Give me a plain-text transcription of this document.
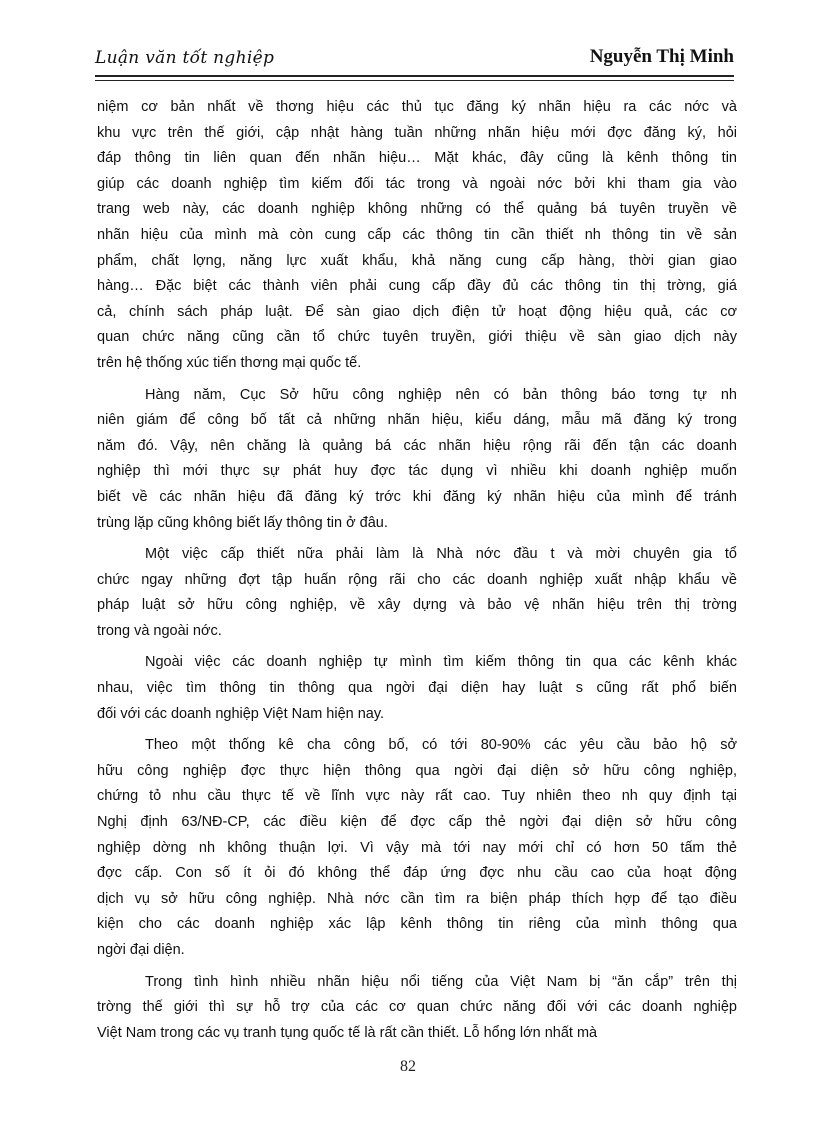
Luận văn tốt nghiệp	Nguyễn Thị Minh
niệm cơ bản nhất về thơng hiệu các thủ tục đăng ký nhãn hiệu ra các nớc và
khu vực trên thế giới, cập nhật hàng tuần những nhãn hiệu mới đợc đăng ký, hỏi
đáp thông tin liên quan đến nhãn hiệu… Mặt khác, đây cũng là kênh thông tin
giúp các doanh nghiệp tìm kiếm đối tác trong và ngoài nớc bởi khi tham gia vào
trang web này, các doanh nghiệp không những có thể quảng bá tuyên truyền về
nhãn hiệu của mình mà còn cung cấp các thông tin cần thiết nh thông tin về sản
phẩm, chất lợng, năng lực xuất khẩu, khả năng cung cấp hàng, thời gian giao
hàng… Đặc biệt các thành viên phải cung cấp đầy đủ các thông tin thị trờng, giá
cả, chính sách pháp luật. Để sàn giao dịch điện tử hoạt động hiệu quả, các cơ
quan chức năng cũng cần tổ chức tuyên truyền, giới thiệu về sàn giao dịch này
trên hệ thống xúc tiến thơng mại quốc tế.
Hàng năm, Cục Sở hữu công nghiệp nên có bản thông báo tơng tự nh
niên giám để công bố tất cả những nhãn hiệu, kiểu dáng, mẫu mã đăng ký trong
năm đó. Vậy, nên chăng là quảng bá các nhãn hiệu rộng rãi đến tận các doanh
nghiệp thì mới thực sự phát huy đợc tác dụng vì nhiều khi doanh nghiệp muốn
biết về các nhãn hiệu đã đăng ký trớc khi đăng ký nhãn hiệu của mình để tránh
trùng lặp cũng không biết lấy thông tin ở đâu.
Một việc cấp thiết nữa phải làm là Nhà nớc đầu t và mời chuyên gia tổ
chức ngay những đợt tập huấn rộng rãi cho các doanh nghiệp xuất nhập khẩu về
pháp luật sở hữu công nghiệp, về xây dựng và bảo vệ nhãn hiệu trên thị trờng
trong và ngoài nớc.
Ngoài việc các doanh nghiệp tự mình tìm kiếm thông tin qua các kênh khác
nhau, việc tìm thông tin thông qua ngời đại diện hay luật s cũng rất phổ biến
đối với các doanh nghiệp Việt Nam hiện nay.
Theo một thống kê cha công bố, có tới 80-90% các yêu cầu bảo hộ sở
hữu công nghiệp đợc thực hiện thông qua ngời đại diện sở hữu công nghiệp,
chứng tỏ nhu cầu thực tế về lĩnh vực này rất cao. Tuy nhiên theo nh quy định tại
Nghị định 63/NĐ-CP, các điều kiện để đợc cấp thẻ ngời đại diện sở hữu công
nghiệp dờng nh không thuận lợi. Vì vậy mà tới nay mới chỉ có hơn 50 tấm thẻ
đợc cấp. Con số ít ỏi đó không thể đáp ứng đợc nhu cầu cao của hoạt động
dịch vụ sở hữu công nghiệp. Nhà nớc cần tìm ra biện pháp thích hợp để tạo điều
kiện cho các doanh nghiệp xác lập kênh thông tin riêng của mình thông qua
ngời đại diện.
Trong tình hình nhiều nhãn hiệu nổi tiếng của Việt Nam bị “ăn cắp” trên thị
trờng thế giới thì sự hỗ trợ của các cơ quan chức năng đối với các doanh nghiệp
Việt Nam trong các vụ tranh tụng quốc tế là rất cần thiết. Lỗ hổng lớn nhất mà
82
